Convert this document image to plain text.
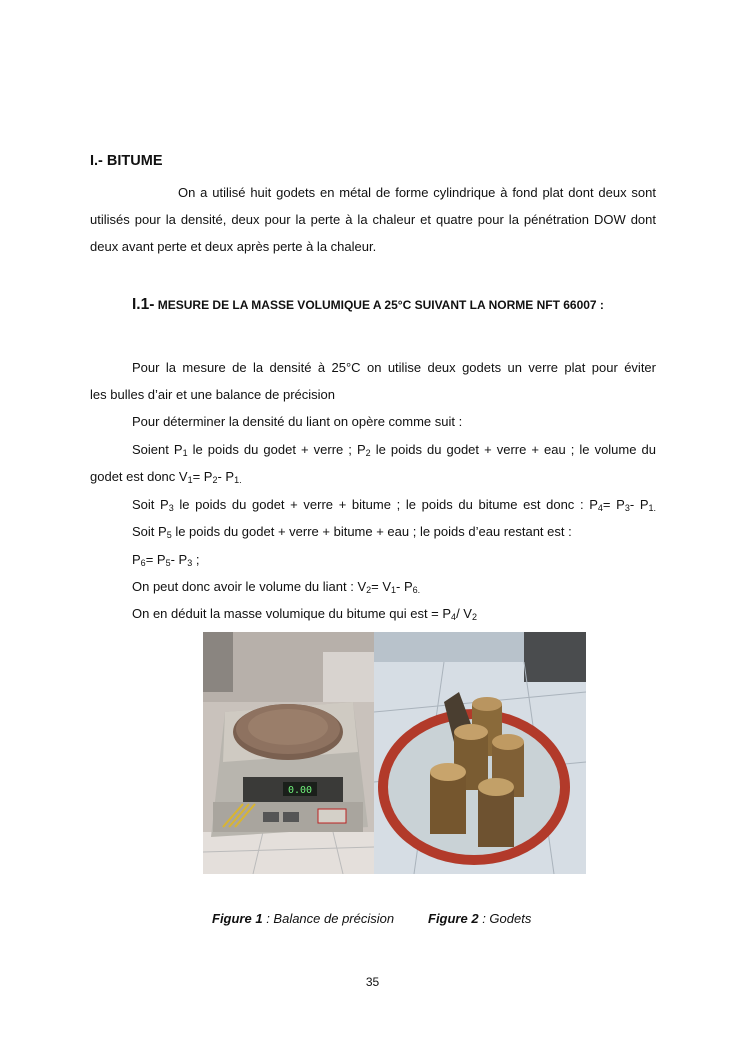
I.- BITUME
On a utilisé huit godets en métal de forme cylindrique à fond plat dont deux sont utilisés pour la densité, deux pour la perte à la chaleur et quatre pour la pénétration DOW dont deux avant perte et deux après perte à la chaleur.
I.1- MESURE DE LA MASSE VOLUMIQUE A 25°C SUIVANT LA NORME NFT 66007 :
Pour la mesure de la densité à 25°C on utilise deux godets un verre plat pour éviter
les bulles d’air et une balance de précision
Pour déterminer la densité du liant on opère comme suit :
Soient $P_1$ le poids du godet + verre ; $P_2$ le poids du godet + verre + eau ; le volume du
godet est donc $V_1= P_2-$ $P_{1.}$
Soit $P_3$ le poids du godet + verre + bitume ; le poids du bitume est donc : $P_4= P_3-$ $P_{1.}$
Soit $P_5$ le poids du godet + verre + bitume + eau ; le poids d’eau restant est :
$P_6= P_5-$ $P_3$ ;
On peut donc avoir le volume du liant : $V_2= V_1-$ $P_{6.}$
On en déduit la masse volumique du bitume qui est = $P_4/$ $V_2$
0.00
Figure 1 : Balance de précision	Figure 2 : Godets
35
